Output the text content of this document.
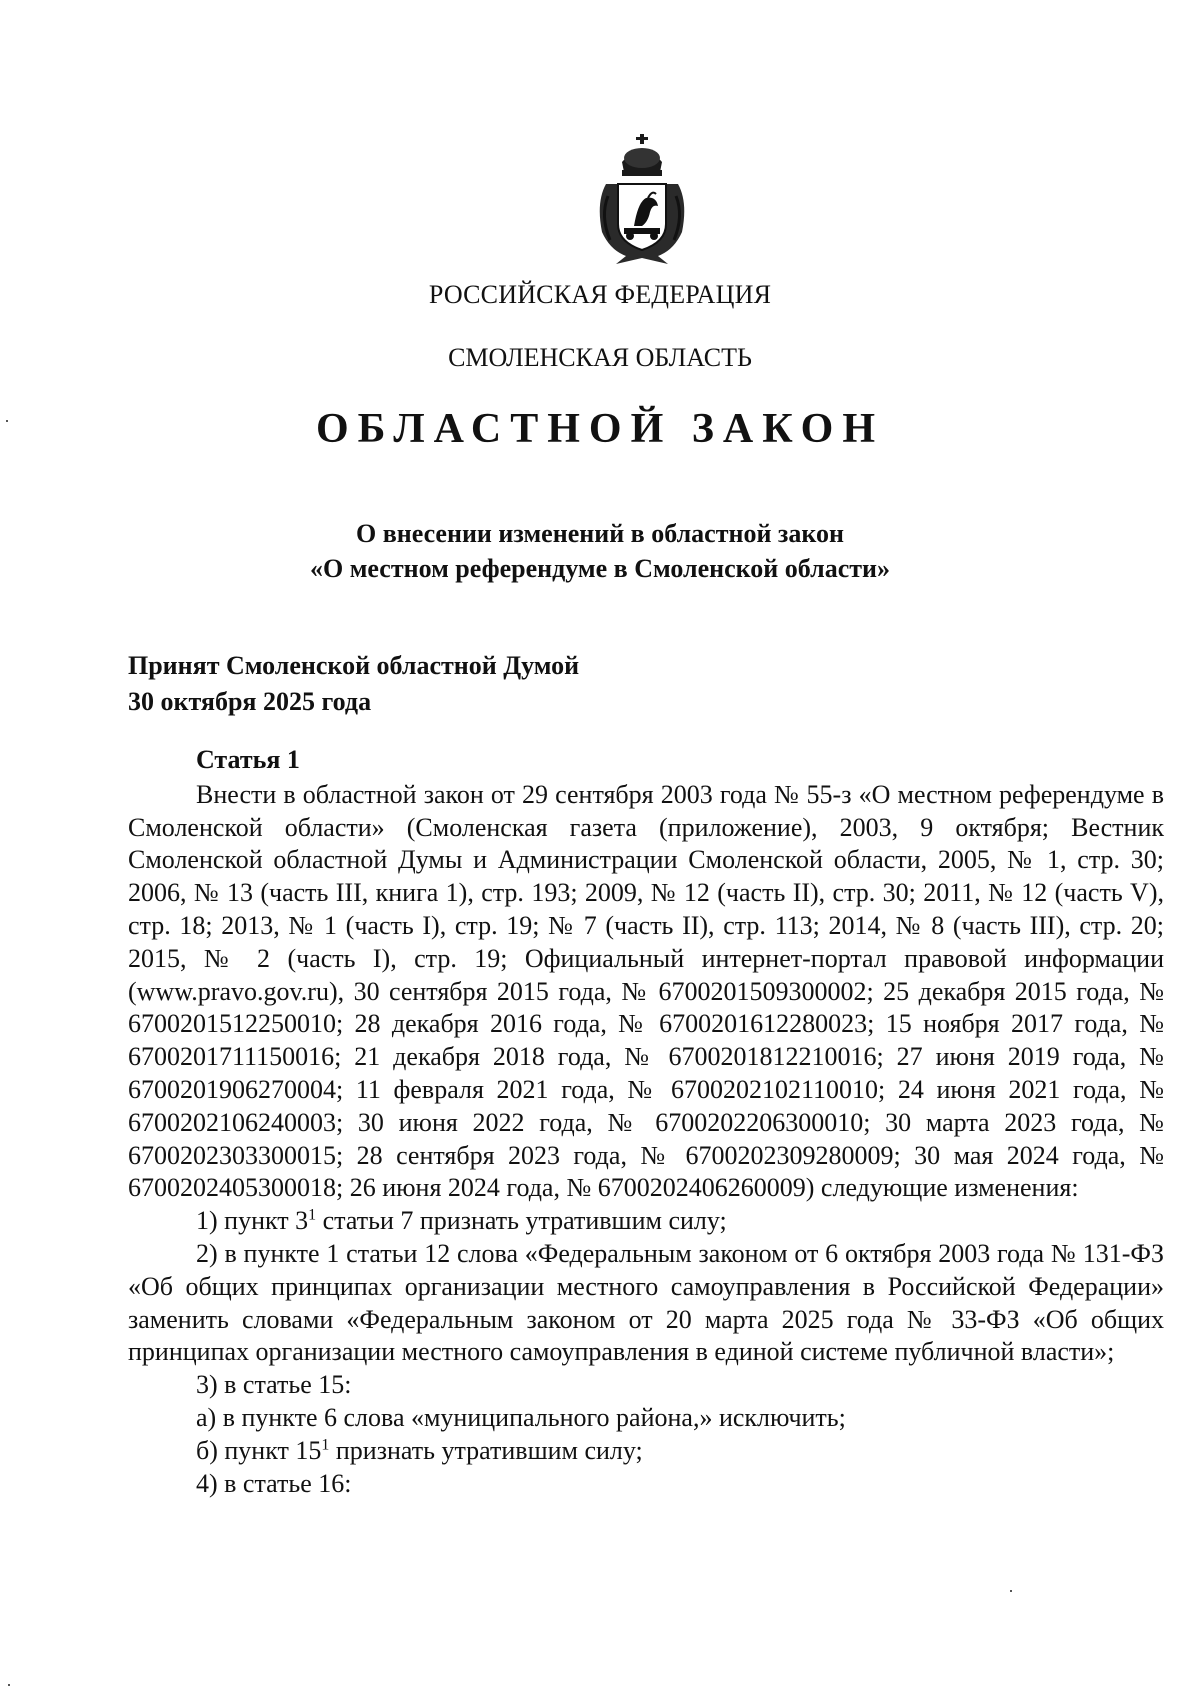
РОССИЙСКАЯ ФЕДЕРАЦИЯ
СМОЛЕНСКАЯ ОБЛАСТЬ
ОБЛАСТНОЙ ЗАКОН
О внесении изменений в областной закон
«О местном референдуме в Смоленской области»
Принят Смоленской областной Думой
30 октября 2025 года
Статья 1

Внести в областной закон от 29 сентября 2003 года № 55-з «О местном референдуме в Смоленской области» (Смоленская газета (приложение), 2003, 9 октября; Вестник Смоленской областной Думы и Администрации Смоленской области, 2005, № 1, стр. 30; 2006, № 13 (часть III, книга 1), стр. 193; 2009, № 12 (часть II), стр. 30; 2011, № 12 (часть V), стр. 18; 2013, № 1 (часть I), стр. 19; № 7 (часть II), стр. 113; 2014, № 8 (часть III), стр. 20; 2015, № 2 (часть I), стр. 19; Официальный интернет-портал правовой информации (www.pravo.gov.ru), 30 сентября 2015 года, № 6700201509300002; 25 декабря 2015 года, № 6700201512250010; 28 декабря 2016 года, № 6700201612280023; 15 ноября 2017 года, № 6700201711150016; 21 декабря 2018 года, № 6700201812210016; 27 июня 2019 года, № 6700201906270004; 11 февраля 2021 года, № 6700202102110010; 24 июня 2021 года, № 6700202106240003; 30 июня 2022 года, № 6700202206300010; 30 марта 2023 года, № 6700202303300015; 28 сентября 2023 года, № 6700202309280009; 30 мая 2024 года, № 6700202405300018; 26 июня 2024 года, № 6700202406260009) следующие изменения:

1) пункт $3^1$ статьи 7 признать утратившим силу;

2) в пункте 1 статьи 12 слова «Федеральным законом от 6 октября 2003 года № 131-ФЗ «Об общих принципах организации местного самоуправления в Российской Федерации» заменить словами «Федеральным законом от 20 марта 2025 года № 33-ФЗ «Об общих принципах организации местного самоуправления в единой системе публичной власти»;

3) в статье 15:

а) в пункте 6 слова «муниципального района,» исключить;

б) пункт $15^1$ признать утратившим силу;

4) в статье 16:
